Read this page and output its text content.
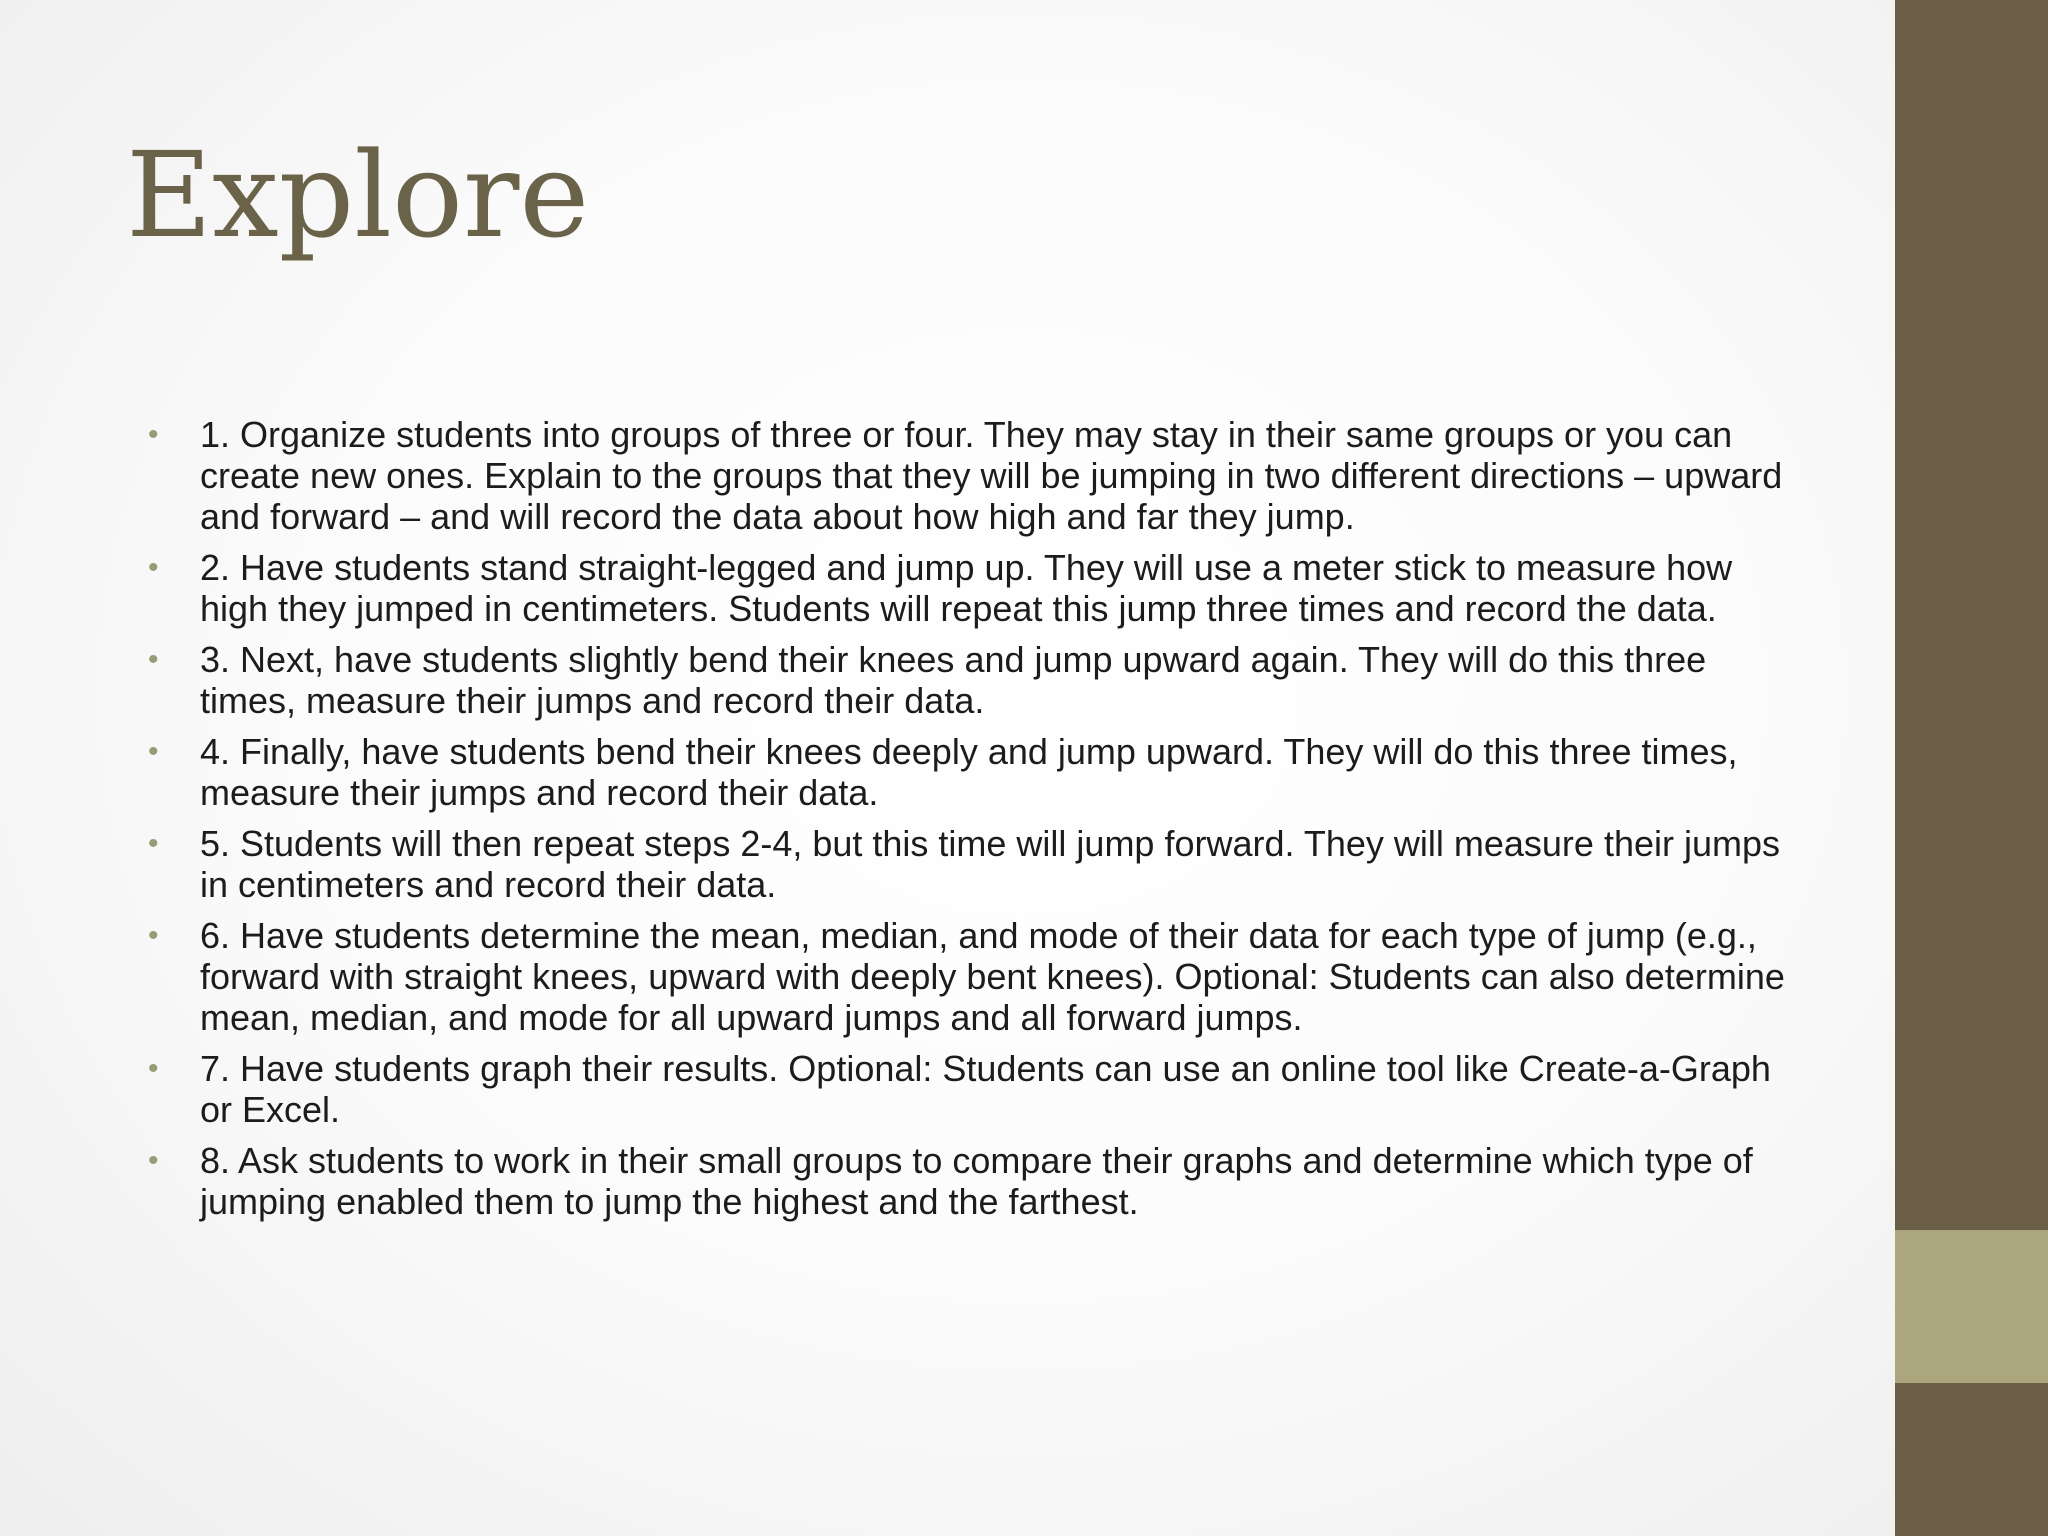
Explore
• 1. Organize students into groups of three or four. They may stay in their same groups or you can create new ones. Explain to the groups that they will be jumping in two different directions – upward and forward – and will record the data about how high and far they jump.
• 2. Have students stand straight-legged and jump up. They will use a meter stick to measure how high they jumped in centimeters. Students will repeat this jump three times and record the data.
• 3. Next, have students slightly bend their knees and jump upward again. They will do this three times, measure their jumps and record their data.
• 4. Finally, have students bend their knees deeply and jump upward. They will do this three times, measure their jumps and record their data.
• 5. Students will then repeat steps 2-4, but this time will jump forward. They will measure their jumps in centimeters and record their data.
• 6. Have students determine the mean, median, and mode of their data for each type of jump (e.g., forward with straight knees, upward with deeply bent knees). Optional: Students can also determine mean, median, and mode for all upward jumps and all forward jumps.
• 7. Have students graph their results. Optional: Students can use an online tool like Create-a-Graph or Excel.
• 8. Ask students to work in their small groups to compare their graphs and determine which type of jumping enabled them to jump the highest and the farthest.
